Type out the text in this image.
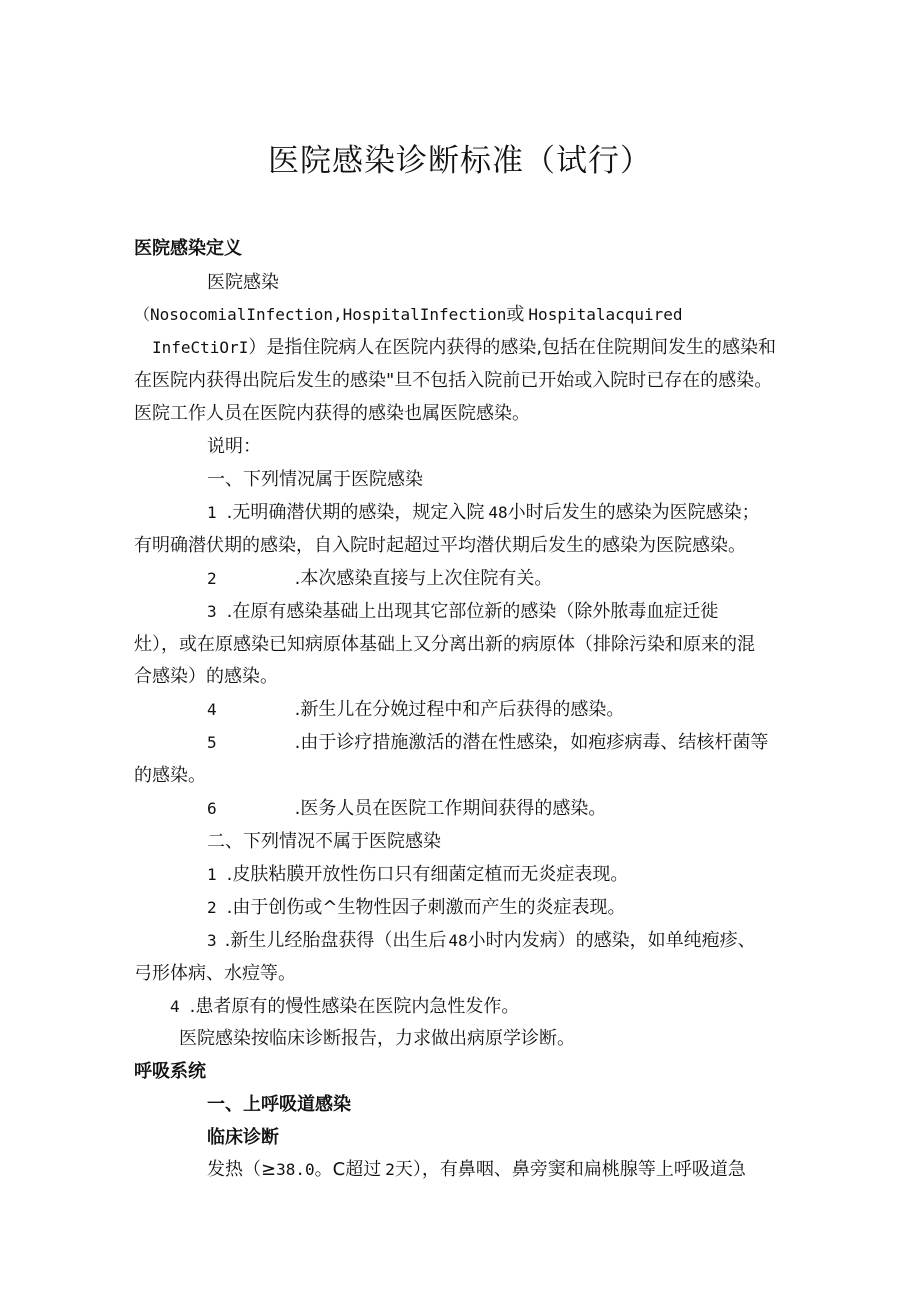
医院感染诊断标准（试行）
医院感染定义
医院感染
（NosocomialInfection,HospitalInfection或 Hospitalacquired
InfeCtiOrI）是指住院病人在医院内获得的感染,包括在住院期间发生的感染和
在医院内获得出院后发生的感染"旦不包括入院前已开始或入院时已存在的感染。
医院工作人员在医院内获得的感染也属医院感染。
说明：
一、下列情况属于医院感染
1 .无明确潜伏期的感染，规定入院 48小时后发生的感染为医院感染；
有明确潜伏期的感染，自入院时起超过平均潜伏期后发生的感染为医院感染。
2	.本次感染直接与上次住院有关。
3 .在原有感染基础上出现其它部位新的感染（除外脓毒血症迁徙
灶），或在原感染已知病原体基础上又分离出新的病原体（排除污染和原来的混
合感染）的感染。
4	.新生儿在分娩过程中和产后获得的感染。
5	.由于诊疗措施激活的潜在性感染，如疱疹病毒、结核杆菌等
的感染。
6	.医务人员在医院工作期间获得的感染。
二、下列情况不属于医院感染
1 .皮肤粘膜开放性伤口只有细菌定植而无炎症表现。
2 .由于创伤或^生物性因子刺激而产生的炎症表现。
3 .新生儿经胎盘获得（出生后 48小时内发病）的感染，如单纯疱疹、
弓形体病、水痘等。
4 .患者原有的慢性感染在医院内急性发作。
医院感染按临床诊断报告，力求做出病原学诊断。
呼吸系统
一、上呼吸道感染
临床诊断
发热（≥38.0。C超过 2天），有鼻咽、鼻旁窦和扁桃腺等上呼吸道急
